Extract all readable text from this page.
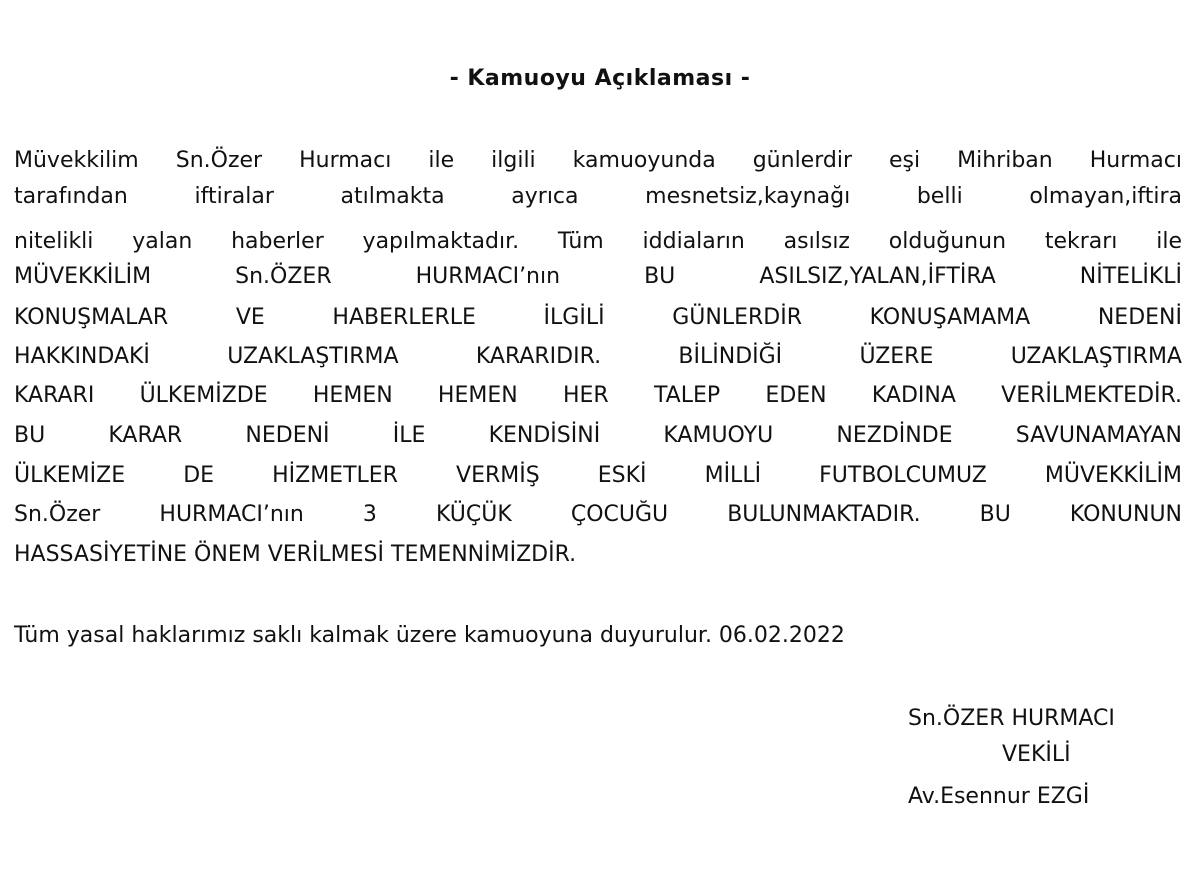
- Kamuoyu Açıklaması -
Müvekkilim Sn.Özer Hurmacı ile ilgili kamuoyunda günlerdir eşi Mihriban Hurmacı
tarafından iftiralar atılmakta ayrıca mesnetsiz,kaynağı belli olmayan,iftira
nitelikli yalan haberler yapılmaktadır. Tüm iddiaların asılsız olduğunun tekrarı ile
MÜVEKKİLİM Sn.ÖZER HURMACI’nın BU ASILSIZ,YALAN,İFTİRA NİTELİKLİ
KONUŞMALAR VE HABERLERLE İLGİLİ GÜNLERDİR KONUŞAMAMA NEDENİ
HAKKINDAKİ UZAKLAŞTIRMA KARARIDIR. BİLİNDİĞİ ÜZERE UZAKLAŞTIRMA
KARARI ÜLKEMİZDE HEMEN HEMEN HER TALEP EDEN KADINA VERİLMEKTEDİR.
BU KARAR NEDENİ İLE KENDİSİNİ KAMUOYU NEZDİNDE SAVUNAMAYAN
ÜLKEMİZE DE HİZMETLER VERMİŞ ESKİ MİLLİ FUTBOLCUMUZ MÜVEKKİLİM
Sn.Özer HURMACI’nın 3 KÜÇÜK ÇOCUĞU BULUNMAKTADIR. BU KONUNUN
HASSASİYETİNE ÖNEM VERİLMESİ TEMENNİMİZDİR.
Tüm yasal haklarımız saklı kalmak üzere kamuoyuna duyurulur. 06.02.2022
Sn.ÖZER HURMACI
VEKİLİ
Av.Esennur EZGİ
